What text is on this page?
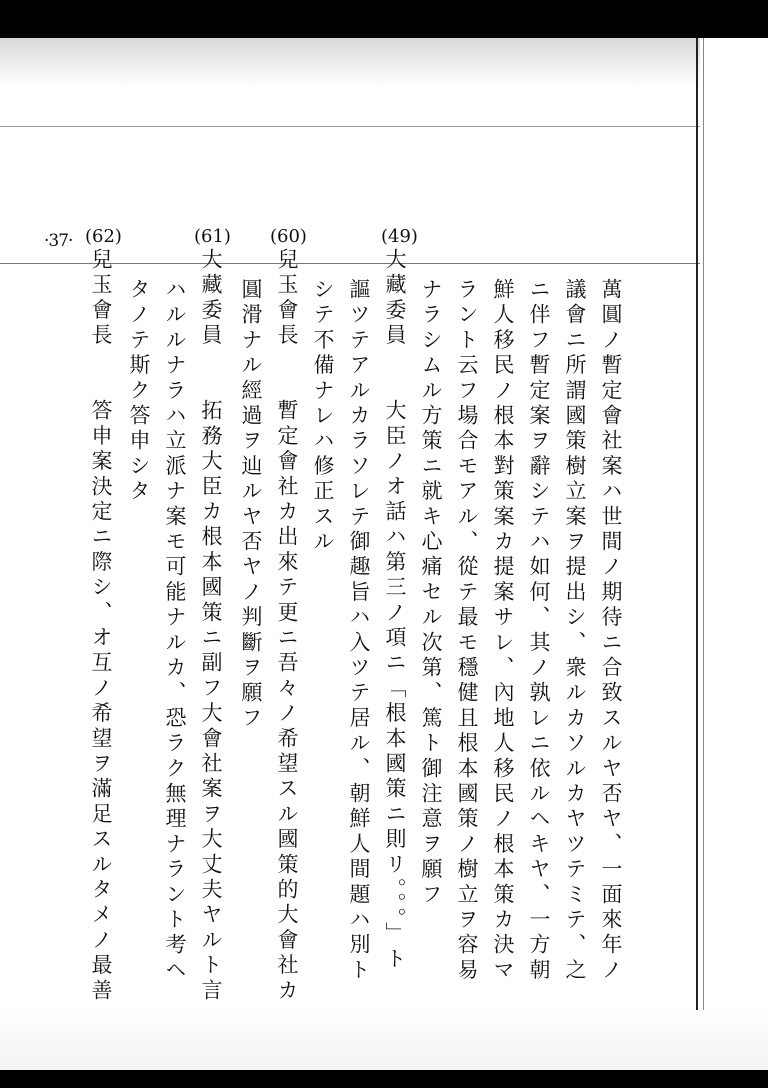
·37·	(49)
(60)
(61)
(62)
萬圓ノ暫定會社案ハ世間ノ期待ニ合致スルヤ否ヤ、一面來年ノ
議會ニ所謂國策樹立案ヲ提出シ、衆ルカソルカヤツテミテ、之
ニ伴フ暫定案ヲ辭シテハ如何、其ノ孰レニ依ルヘキヤ、一方朝
鮮人移民ノ根本對策案カ提案サレ、內地人移民ノ根本策カ決マ
ラント云フ場合モアル、從テ最モ穩健且根本國策ノ樹立ヲ容易
ナラシムル方策ニ就キ心痛セル次第、篤ト御注意ヲ願フ
大藏委員　　大臣ノオ話ハ第三ノ項ニ「根本國策ニ則リ。。。」ト
謳ツテアルカラソレテ御趣旨ハ入ツテ居ル、朝鮮人間題ハ別ト
シテ不備ナレハ修正スル
兒玉會長　　暫定會社カ出來テ更ニ吾々ノ希望スル國策的大會社カ
圓滑ナル經過ヲ辿ルヤ否ヤノ判斷ヲ願フ
大藏委員　　拓務大臣カ根本國策ニ副フ大會社案ヲ大丈夫ヤルト言
ハルルナラハ立派ナ案モ可能ナルカ、恐ラク無理ナラント考ヘ
タノテ斯ク答申シタ
兒玉會長　　答申案決定ニ際シ、オ互ノ希望ヲ滿足スルタメノ最善
